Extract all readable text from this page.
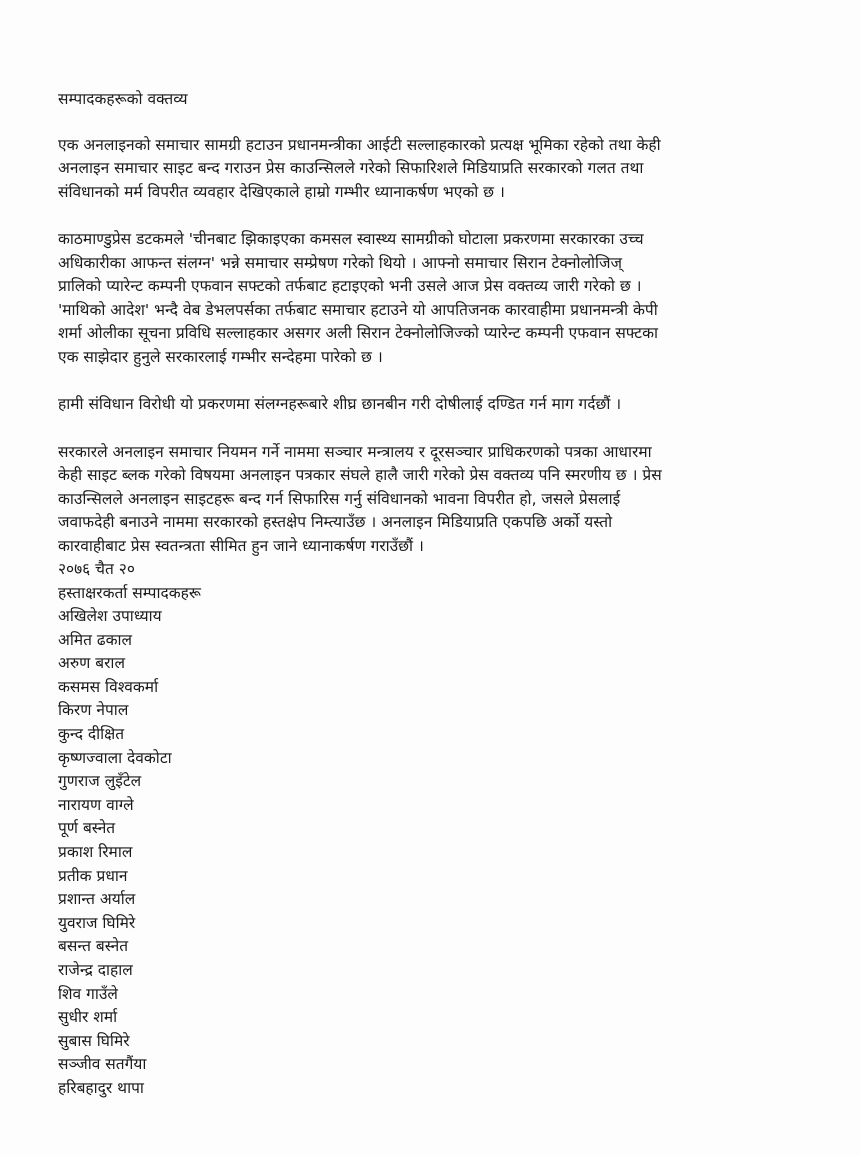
सम्पादकहरूको वक्तव्य
एक अनलाइनको समाचार सामग्री हटाउन प्रधानमन्त्रीका आईटी सल्लाहकारको प्रत्यक्ष भूमिका रहेको तथा केही
अनलाइन समाचार साइट बन्द गराउन प्रेस काउन्सिलले गरेको सिफारिशले मिडियाप्रति सरकारको गलत तथा
संविधानको मर्म विपरीत व्यवहार देखिएकाले हाम्रो गम्भीर ध्यानाकर्षण भएको छ ।
काठमाण्डुप्रेस डटकमले 'चीनबाट झिकाइएका कमसल स्वास्थ्य सामग्रीको घोटाला प्रकरणमा सरकारका उच्च
अधिकारीका आफन्त संलग्न' भन्ने समाचार सम्प्रेषण गरेको थियो । आफ्नो समाचार सिरान टेक्नोलोजिज्
प्रालिको प्यारेन्ट कम्पनी एफवान सफ्टको तर्फबाट हटाइएको भनी उसले आज प्रेस वक्तव्य जारी गरेको छ ।
'माथिको आदेश' भन्दै वेब डेभलपर्सका तर्फबाट समाचार हटाउने यो आपतिजनक कारवाहीमा प्रधानमन्त्री केपी
शर्मा ओलीका सूचना प्रविधि सल्लाहकार असगर अली सिरान टेक्नोलोजिज्को प्यारेन्ट कम्पनी एफवान सफ्टका
एक साझेदार हुनुले सरकारलाई गम्भीर सन्देहमा पारेको छ ।
हामी संविधान विरोधी यो प्रकरणमा संलग्नहरूबारे शीघ्र छानबीन गरी दोषीलाई दण्डित गर्न माग गर्दछौं ।
सरकारले अनलाइन समाचार नियमन गर्ने नाममा सञ्चार मन्त्रालय र दूरसञ्चार प्राधिकरणको पत्रका आधारमा
केही साइट ब्लक गरेको विषयमा अनलाइन पत्रकार संघले हालै जारी गरेको प्रेस वक्तव्य पनि स्मरणीय छ । प्रेस
काउन्सिलले अनलाइन साइटहरू बन्द गर्न सिफारिस गर्नु संविधानको भावना विपरीत हो, जसले प्रेसलाई
जवाफदेही बनाउने नाममा सरकारको हस्तक्षेप निम्त्याउँछ । अनलाइन मिडियाप्रति एकपछि अर्को यस्तो
कारवाहीबाट प्रेस स्वतन्त्रता सीमित हुन जाने ध्यानाकर्षण गराउँछौं ।
२०७६ चैत २०
हस्ताक्षरकर्ता सम्पादकहरू
अखिलेश उपाध्याय
अमित ढकाल
अरुण बराल
कसमस विश्वकर्मा
किरण नेपाल
कुन्द दीक्षित
कृष्णज्वाला देवकोटा
गुणराज लुइँटेल
नारायण वाग्ले
पूर्ण बस्नेत
प्रकाश रिमाल
प्रतीक प्रधान
प्रशान्त अर्याल
युवराज घिमिरे
बसन्त बस्नेत
राजेन्द्र दाहाल
शिव गाउँले
सुधीर शर्मा
सुबास घिमिरे
सञ्जीव सतगैंया
हरिबहादुर थापा
